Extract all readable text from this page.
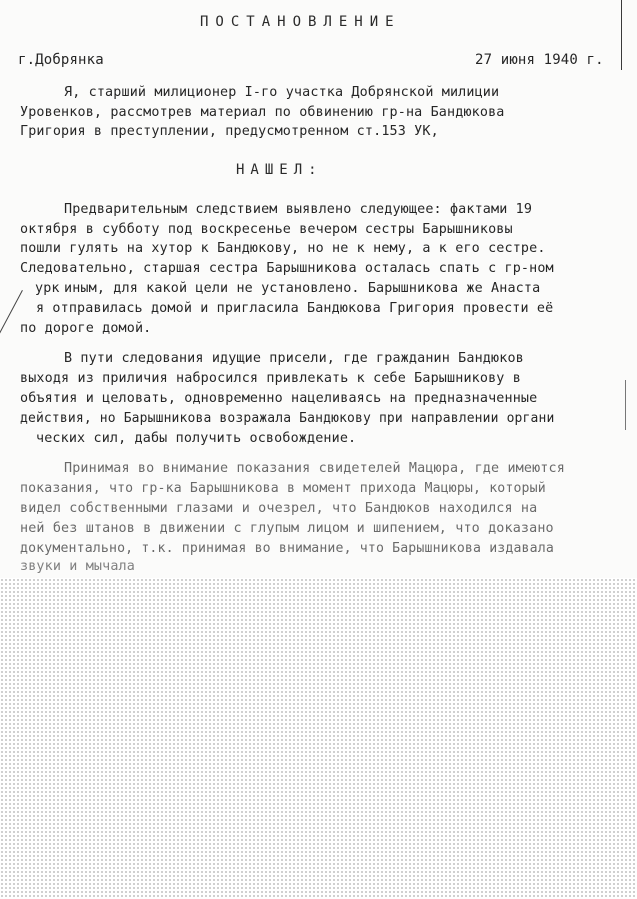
ПОСТАНОВЛЕНИЕ
г.Добрянка	27 июня 1940 г.
Я, старший милиционер I-го участка Добрянской милиции
Уровенков, рассмотрев материал по обвинению гр-на Бандюкова
Григория в преступлении, предусмотренном ст.153 УК,
НАШЕЛ:
Предварительным следствием выявлено следующее: фактами 19
октября в субботу под воскресенье вечером сестры Барышниковы
пошли гулять на хутор к Бандюкову, но не к нему, а к его сестре.
Следовательно, старшая сестра Барышникова осталась спать с гр-ном
урк иным, для какой цели не установлено. Барышникова же Анаста
я отправилась домой и пригласила Бандюкова Григория провести её
по дороге домой.
В пути следования идущие присели, где гражданин Бандюков
выходя из приличия набросился привлекать к себе Барышникову в
объятия и целовать, одновременно нацеливаясь на предназначенные
действия, но Барышникова возражала Бандюкову при направлении органи
ческих сил, дабы получить освобождение.
Принимая во внимание показания свидетелей Мацюра, где имеются
показания, что гр-ка Барышникова в момент прихода Мацюры, который
видел собственными глазами и очезрел, что Бандюков находился на
ней без штанов в движении с глупым лицом и шипением, что доказано
документально, т.к. принимая во внимание, что Барышникова издавала
звуки и мычала
